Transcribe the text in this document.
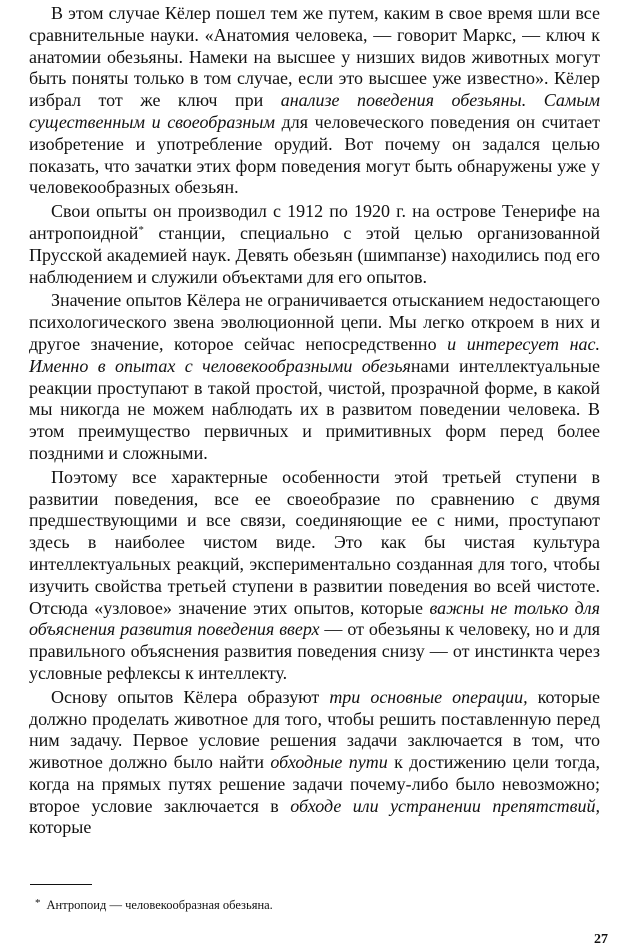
В этом случае Кёлер пошел тем же путем, каким в свое время шли все сравнительные науки. «Анатомия человека, — говорит Маркс, — ключ к анатомии обезьяны. Намеки на высшее у низших видов животных могут быть поняты только в том случае, если это высшее уже известно». Кёлер избрал тот же ключ при анализе поведения обезьяны. Самым существенным и своеобразным для человеческого поведения он считает изобретение и употребление орудий. Вот почему он задался целью показать, что зачатки этих форм поведения могут быть обнаружены уже у человекообразных обезьян.

Свои опыты он производил с 1912 по 1920 г. на острове Тенерифе на антропоидной* станции, специально с этой целью организованной Прусской академией наук. Девять обезьян (шимпанзе) находились под его наблюдением и служили объектами для его опытов.

Значение опытов Кёлера не ограничивается отысканием недостающего психологического звена эволюционной цепи. Мы легко откроем в них и другое значение, которое сейчас непосредственно и интересует нас. Именно в опытах с человекообразными обезьянами интеллектуальные реакции проступают в такой простой, чистой, прозрачной форме, в какой мы никогда не можем наблюдать их в развитом поведении человека. В этом преимущество первичных и примитивных форм перед более поздними и сложными.

Поэтому все характерные особенности этой третьей ступени в развитии поведения, все ее своеобразие по сравнению с двумя предшествующими и все связи, соединяющие ее с ними, проступают здесь в наиболее чистом виде. Это как бы чистая культура интеллектуальных реакций, экспериментально созданная для того, чтобы изучить свойства третьей ступени в развитии поведения во всей чистоте. Отсюда «узловое» значение этих опытов, которые важны не только для объяснения развития поведения вверх — от обезьяны к человеку, но и для правильного объяснения развития поведения снизу — от инстинкта через условные рефлексы к интеллекту.

Основу опытов Кёлера образуют три основные операции, которые должно проделать животное для того, чтобы решить поставленную перед ним задачу. Первое условие решения задачи заключается в том, что животное должно было найти обходные пути к достижению цели тогда, когда на прямых путях решение задачи почему-либо было невозможно; второе условие заключается в обходе или устранении препятствий, которые

* Антропоид — человекообразная обезьяна.
27
